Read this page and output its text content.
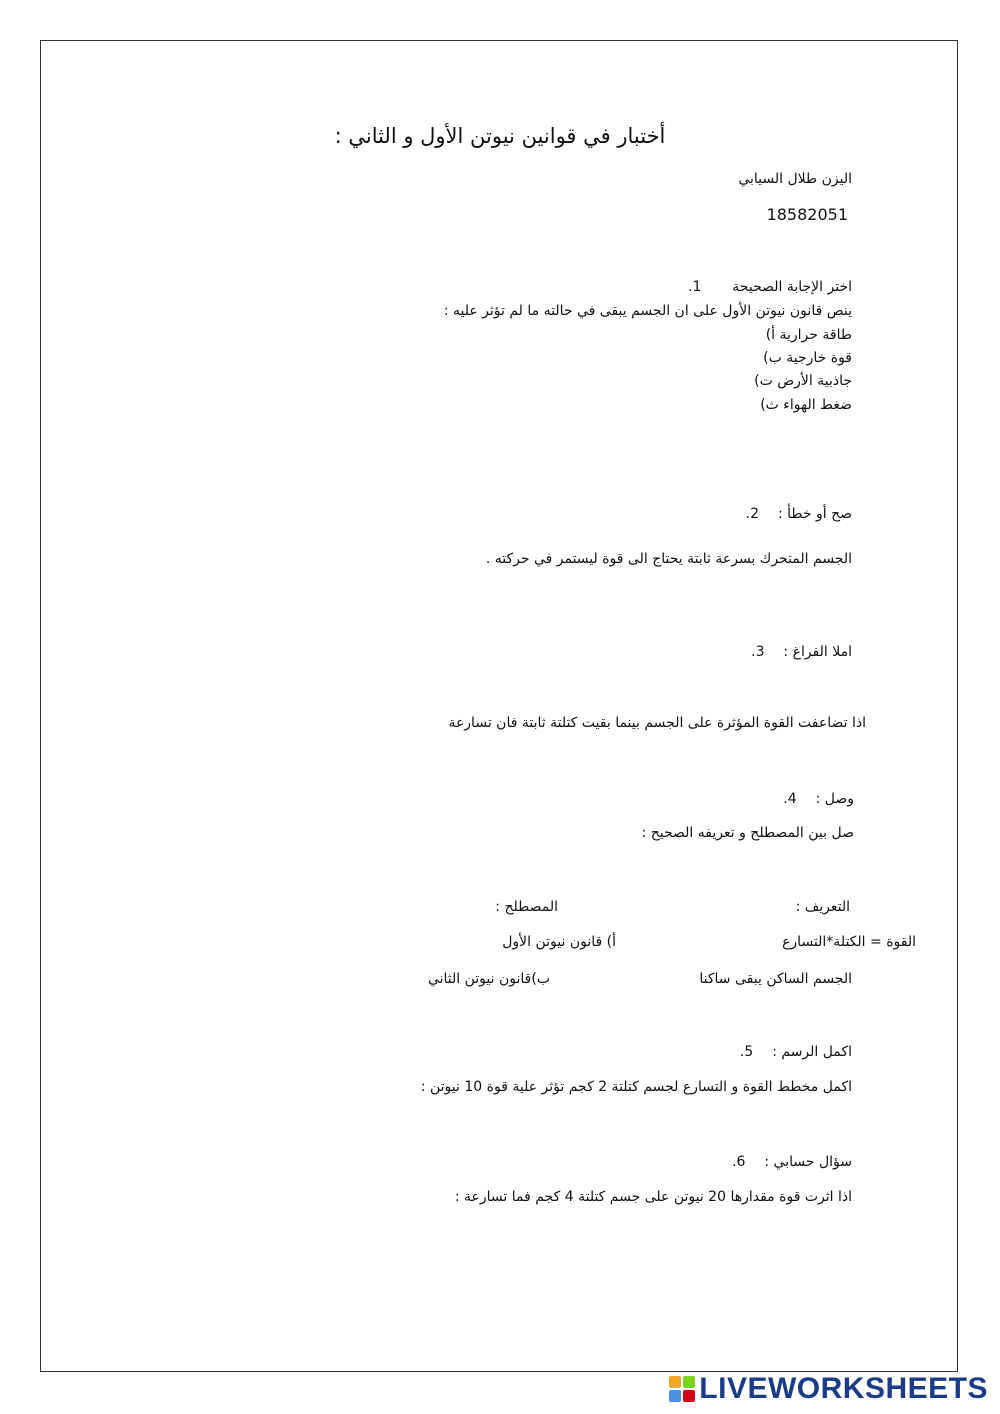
أختبار في قوانين نيوتن الأول و الثاني :
اليزن طلال السيابي
18582051
اختر الإجابة الصحيحة  1.
ينص قانون نيوتن الأول على ان الجسم يبقى في حالته ما لم تؤثر عليه :
طاقة حرارية أ)
قوة خارجية ب)
جاذبية الأرض ت)
ضغط الهواء ث)
صح أو خطأ :  2.
الجسم المتحرك بسرعة ثابتة يحتاج الى قوة ليستمر في حركته .
املا الفراغ :  3.
اذا تضاعفت القوة المؤثرة على الجسم بينما بقيت كتلتة ثابتة فان تسارعة
وصل :  4.
صل بين المصطلح و تعريفه الصحيح :
التعريف :
المصطلح :
القوة = الكتلة*التسارع
أ) قانون نيوتن الأول
الجسم الساكن يبقى ساكنا
ب)قانون نيوتن الثاني
اكمل الرسم :  5.
اكمل مخطط القوة و التسارع لجسم كتلتة 2 كجم تؤثر علية قوة 10 نيوتن :
سؤال حسابي :  6.
اذا اثرت قوة مقدارها 20 نيوتن على جسم كتلتة 4 كجم فما تسارعة :
LIVEWORKSHEETS
